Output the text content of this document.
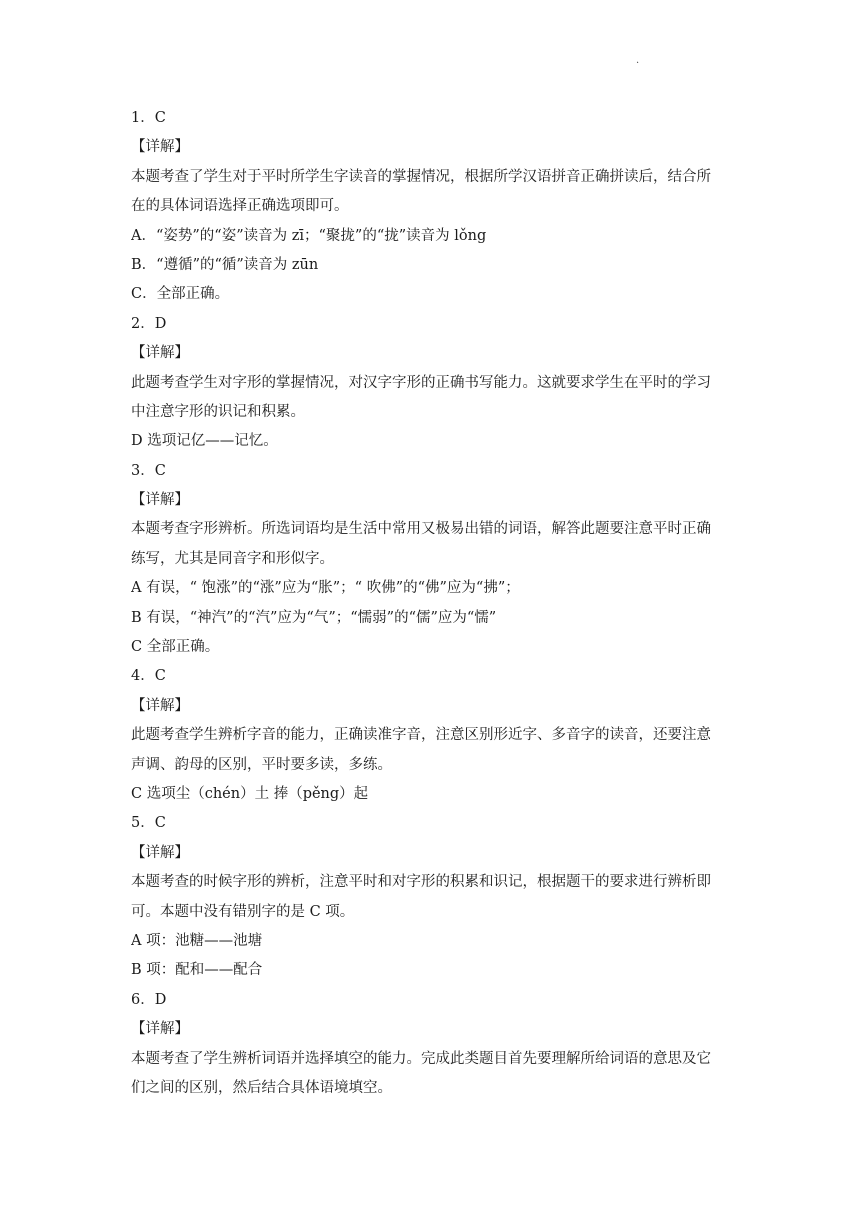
·
1．C
【详解】
本题考查了学生对于平时所学生字读音的掌握情况，根据所学汉语拼音正确拼读后，结合所
在的具体词语选择正确选项即可。
A．“姿势”的“姿”读音为 zī；“聚拢”的“拢”读音为 lǒng
B．“遵循”的“循”读音为 zūn
C．全部正确。
2．D
【详解】
此题考查学生对字形的掌握情况，对汉字字形的正确书写能力。这就要求学生在平时的学习
中注意字形的识记和积累。
D 选项记亿——记忆。
3．C
【详解】
本题考查字形辨析。所选词语均是生活中常用又极易出错的词语，解答此题要注意平时正确
练写，尤其是同音字和形似字。
A 有误，“ 饱涨”的“涨”应为“胀”；“ 吹佛”的“佛”应为“拂”；
B 有误，“神汽”的“汽”应为“气”；“懦弱”的“儒”应为“懦”
C 全部正确。
4．C
【详解】
此题考查学生辨析字音的能力，正确读准字音，注意区别形近字、多音字的读音，还要注意
声调、韵母的区别，平时要多读，多练。
C 选项尘（chén）土 捧（pěng）起
5．C
【详解】
本题考查的时候字形的辨析，注意平时和对字形的积累和识记，根据题干的要求进行辨析即
可。本题中没有错别字的是 C 项。
A 项：池糖——池塘
B 项：配和——配合
6．D
【详解】
本题考查了学生辨析词语并选择填空的能力。完成此类题目首先要理解所给词语的意思及它
们之间的区别，然后结合具体语境填空。
